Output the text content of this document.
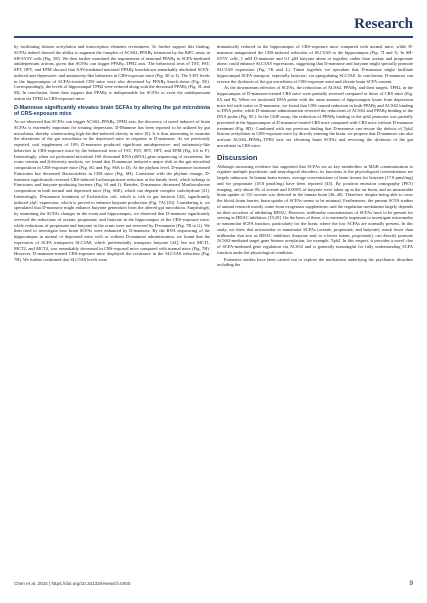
Research

by facilitating histone acetylation and transcription elements recruitment. To further support this finding, SCFAs indeed showed the ability to augment the complex of ACSS2–PPARγ formation by the BiFC assay in SH-SY5Y cells (Fig. 5D). We then further examined the requirement of neuronal PPARγ in SCFA-mediated antidepressant actions, given that SCFAs can trigger PPARγ–TPH2 axis. The behavioral tests of TST, FST, SPT, OFT, and EPM showed that AAV-mediated neuronal PPARγ knockdown remarkably abolished SCFA-induced anti-depressive- and antianxiety-like behaviors in CRS-exposure mice (Fig. 5E to I). The 5-HT levels in the hippocampus of SCFAs-treated CRS mice were also decreased by PPARγ knock-down (Fig. 5K). Correspondingly, the levels of hippocampal TPH2 were reduced along with the decreased PPARγ (Fig. 5L and M). In conclusion, these data support that PPARγ is indispensable for SCFAs to exert the antidepressant action via TPH2 in CRS-exposure mice.

D-Mannose significantly elevates brain SCFAs by altering the gut microbiota of CRS-exposure mice

As we observed that SCFAs can trigger ACSS2–PPARγ–TPH2 axis, the discovery of novel inducers of brain SCFAs is extremely important for treating depression. D-Mannose has been reported to be utilized by gut microbiota, thereby counteracting high-fat-diet-induced obesity in mice [6]. It is thus interesting to examine the alterations of the gut microbiota in the depressed mice in response to D-mannose. As we previously reported, oral supplement of 10% D-mannose produced significant antidepressive- and antianxiety-like behaviors in CRS-exposure mice by the behavioral tests of TST, FST, SPT, OFT, and EPM (Fig. 6A to F). Interestingly, when we performed microbial 16S ribosomal RNA (rRNA) gene sequencing of excrement, the ecum content and β-diversity analysis, we found that D-mannose induced a major shift in the gut microbial composition in CRS-exposure mice (Fig. 6G and Fig. S6A to D). At the phylum level, D-mannose increased Firmicutes but decreased Bacteroidetes in CRS mice (Fig. 6H). Consistent with the phylum change, D-mannose significantly reversed CRS-induced Lachnospiraceae reduction at the family level, which belongs to Firmicutes and butyrate-producing bacteria (Fig. 6I and J). Besides, D-mannose decreased Muribaculaceae composition in both normal and depressed mice (Fig. S6E), which can degrade complex carbohydrate [41]. Interestingly, D-mannose treatment of Escherichia coli, which is rich in gut bacteria [42], significantly induced yhjC expression, which is proved to enhance butyrate production (Fig. 7A) [43]. Considering it, we speculated that D-mannose might enhance butyrate generation from the altered gut microbiota. Surprisingly, by examining the SCFAs changes in the ecum and hippocampus, we observed that D-mannose significantly reversed the reductions of acetate, propionate, and butyrate in the hippocampus of the CRS-exposure mice, while reductions of propionate and butyrate in the ecum were not reversed by D-mannose (Fig. 7B to G). We then tried to investigate how brain SCFAs were enhanced by D-mannose. By the RNA sequencing of the hippocampus in normal or depressed mice with or without D-mannose administration, we found that the expression of SCFA transporter SLC5A8, which preferentially transports butyrate [44], but not MCT1, MCT2, and MCT4, was remarkably decreased in CRS-exposed mice compared with normal mice (Fig. 7H). However, D-mannose-treated CRS-exposure mice displayed the resistance in the SLC5A8 reduction (Fig. 7H). We further confirmed that SLC5A8 levels were

dramatically reduced in the hippocampus of CRS-exposure mice compared with normal mice, while D-mannose antagonized the CRS-induced reduction of SLC5A8 in the hippocampus (Fig. 7I and J). In SH-SY5Y cells, 1 mM D-mannose and 0.1 μM butyrate alone or together, rather than acetate and propionate alone, could enhance SLC5A8 expressions, suggesting that D-mannose and butyrate might specially promote SLC5A8 expression (Fig. 7K and L). Taken together, we speculate that D-mannose might facilitate hippocampal SCFA transport, especially butyrate, via upregulating SLC5A8. In conclusion, D-mannose can reverse the dysbiosis of the gut microbiota of CRS-exposure mice and elevate brain SCFA content.

As the downstream effectors of SCFAs, the reductions of ACSS2, PPARγ, and their targets, TPH2, in the hippocampus of D-mannose-treated CRS mice were partially reversed compared to those of CRS mice (Fig. 8A and B). When we incubated DNA probe with the same amount of hippocampus lysate from depression mice fed with water or D-mannose, we found that CRS caused reduction in both PPARγ and ACSS2 binding to DNA probe, while D-mannose administration reversed the reductions of ACSS2 and PPARγ binding to the DNA probe (Fig. 8C). In the ChIP assay, the reduction of PPARγ binding to the tph2 promoter was partially prevented in the hippocampus of D-mannose-treated CRS mice compared with CRS mice without D-mannose treatment (Fig. 8D). Combined with our previous finding that D-mannose can rescue the defects of Tph2 histone acetylation in CRS-exposure mice by directly entering the brain, we propose that D-mannose can also activate ACSS2–PPARγ–TPH2 axis via elevating brain SCFAs and reversing the dysbiosis of the gut microbiota in CRS mice.

Discussion

Although increasing evidence has supported that SCFAs act as key metabolites in MGB communication to regulate multiple psychiatric and neurological disorders, its functions at the physiological concentrations are largely unknown. In human brain tissues, average concentrations of brain tissues for butyrate (17.0 pmol/mg) and for propionate (18.8 pmol/mg) have been reported [45]. By positron emission tomography (PET) imaging, only about 3% of acetate and 0.006% of butyrate were taken up in the rat brain, and no measurable brain uptake of 11C-acetate was detected in the human brain [46–48]. Therefore, despite being able to cross the blood–brain barrier, brain uptake of SCFAs seems to be minimal. Furthermore, the present SCFA studies of animal research mostly come from exogenous supplements, and the regulation mechanism largely depends on their activities of inhibiting HDAC. However, millimolar concentrations of SCFAs have to be present for serving as HDAC inhibitors [19,20]. On the basis of these, it is extremely important to investigate micromolar or nanomolar SCFA function, particularly for the brain, where the low SCFAs are normally present. In this study, we show that micromolar or nanomolar SCFAs (acetate, propionate, and butyrate), much lower than millimolar that acts as HDAC inhibitors (butyrate and, to a lesser extent, propionate), can directly promote ACSS2-mediated target gene histone acetylation, for example, Tph2. In this respect, it provides a novel clue of SCFA-mediated gene regulation via ACSS2 and is generally meaningful for fully understanding SCFA function under the physiological condition.

Extensive studies have been carried out to explore the mechanism underlying the psychiatric disorders including the

Chen et al. 2024 | https://doi.org/10.34133/research.0400	9
